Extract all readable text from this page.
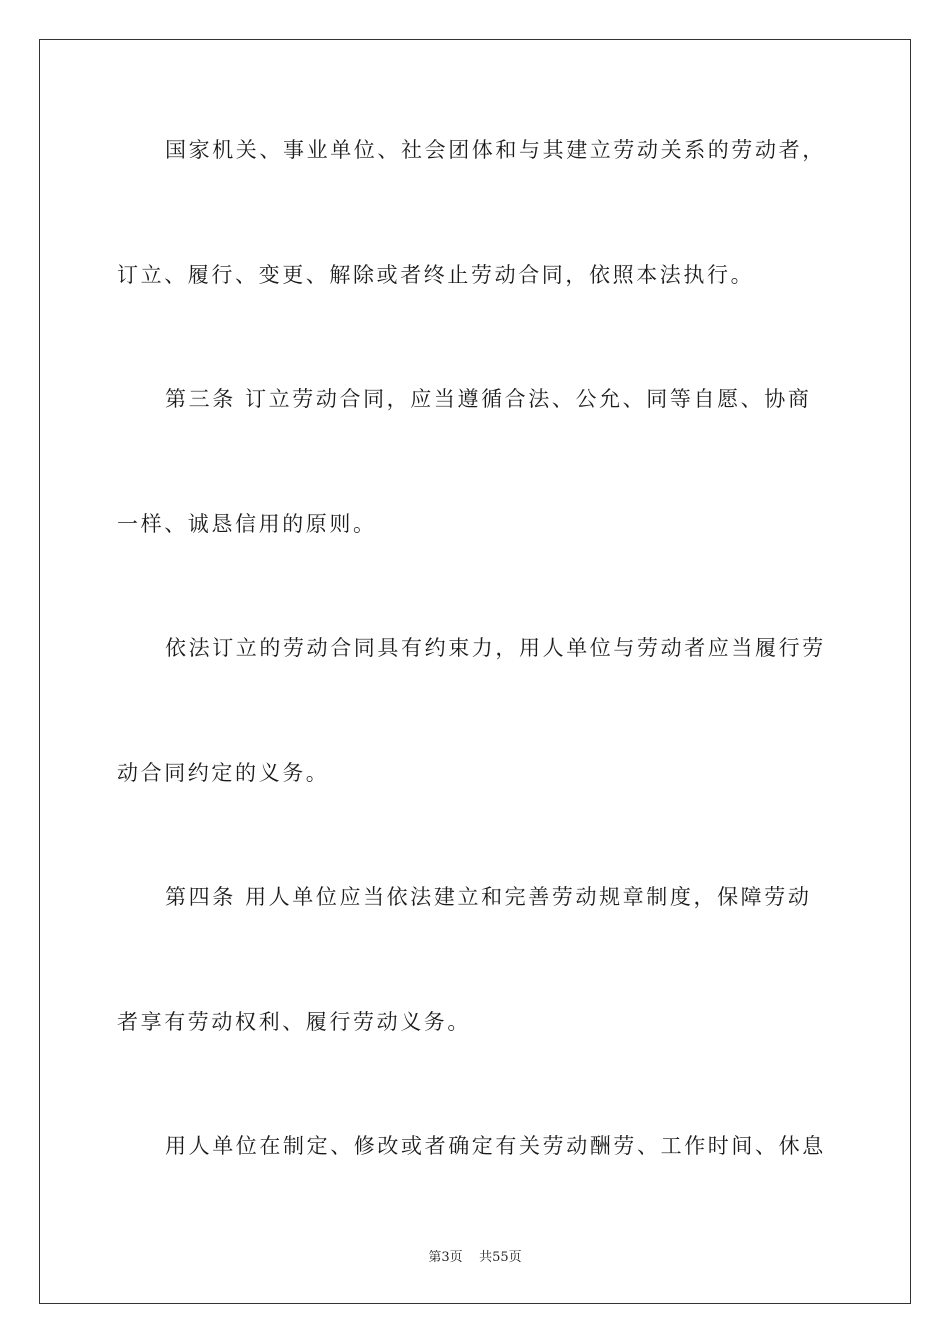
国家机关、事业单位、社会团体和与其建立劳动关系的劳动者，
订立、履行、变更、解除或者终止劳动合同，依照本法执行。
第三条 订立劳动合同，应当遵循合法、公允、同等自愿、协商
一样、诚恳信用的原则。
依法订立的劳动合同具有约束力，用人单位与劳动者应当履行劳
动合同约定的义务。
第四条 用人单位应当依法建立和完善劳动规章制度，保障劳动
者享有劳动权利、履行劳动义务。
用人单位在制定、修改或者确定有关劳动酬劳、工作时间、休息
第3页 共55页
